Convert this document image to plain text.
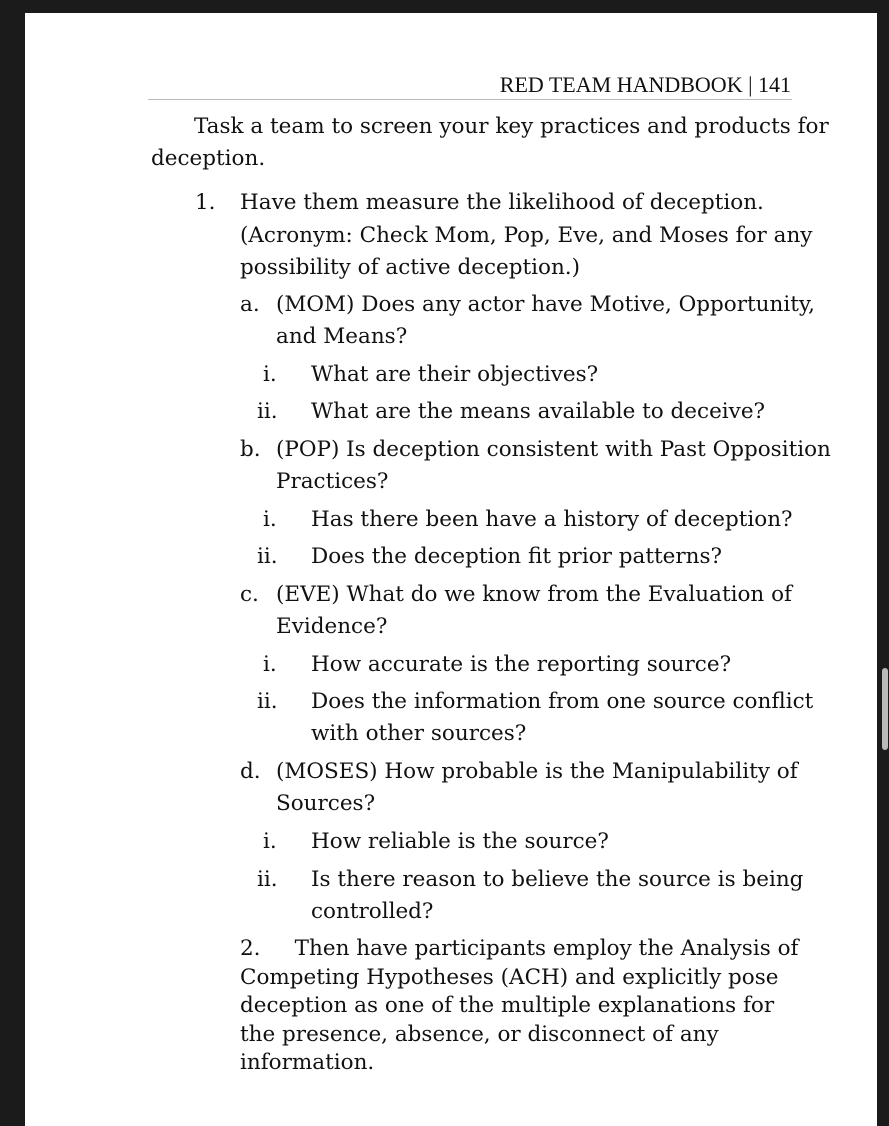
RED TEAM HANDBOOK | 141
Task a team to screen your key practices and products for
deception.
1. Have them measure the likelihood of deception.
(Acronym: Check Mom, Pop, Eve, and Moses for any
possibility of active deception.)
a. (MOM) Does any actor have Motive, Opportunity,
and Means?
i. What are their objectives?
ii. What are the means available to deceive?
b. (POP) Is deception consistent with Past Opposition
Practices?
i. Has there been have a history of deception?
ii. Does the deception fit prior patterns?
c. (EVE) What do we know from the Evaluation of
Evidence?
i. How accurate is the reporting source?
ii. Does the information from one source conflict
with other sources?
d. (MOSES) How probable is the Manipulability of
Sources?
i. How reliable is the source?
ii. Is there reason to believe the source is being
controlled?
2.     Then have participants employ the Analysis of Competing Hypotheses (ACH) and explicitly pose deception as one of the multiple explanations for the presence, absence, or disconnect of any information.
